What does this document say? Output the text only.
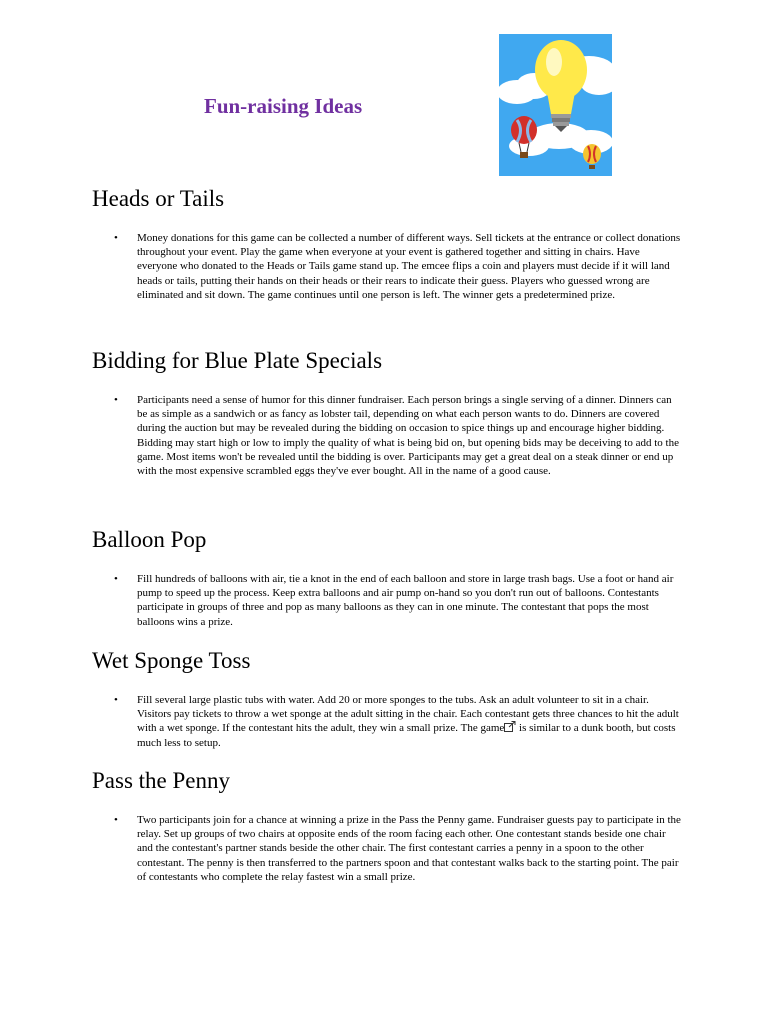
Fun-raising Ideas
Heads or Tails
• Money donations for this game can be collected a number of different ways. Sell tickets at the entrance or collect donations throughout your event. Play the game when everyone at your event is gathered together and sitting in chairs. Have everyone who donated to the Heads or Tails game stand up. The emcee flips a coin and players must decide if it will land heads or tails, putting their hands on their heads or their rears to indicate their guess. Players who guessed wrong are eliminated and sit down. The game continues until one person is left. The winner gets a predetermined prize.
Bidding for Blue Plate Specials
• Participants need a sense of humor for this dinner fundraiser. Each person brings a single serving of a dinner. Dinners can be as simple as a sandwich or as fancy as lobster tail, depending on what each person wants to do. Dinners are covered during the auction but may be revealed during the bidding on occasion to spice things up and encourage higher bidding. Bidding may start high or low to imply the quality of what is being bid on, but opening bids may be deceiving to add to the game. Most items won't be revealed until the bidding is over. Participants may get a great deal on a steak dinner or end up with the most expensive scrambled eggs they've ever bought. All in the name of a good cause.
Balloon Pop
• Fill hundreds of balloons with air, tie a knot in the end of each balloon and store in large trash bags. Use a foot or hand air pump to speed up the process. Keep extra balloons and air pump on-hand so you don't run out of balloons. Contestants participate in groups of three and pop as many balloons as they can in one minute. The contestant that pops the most balloons wins a prize.
Wet Sponge Toss
• Fill several large plastic tubs with water. Add 20 or more sponges to the tubs. Ask an adult volunteer to sit in a chair. Visitors pay tickets to throw a wet sponge at the adult sitting in the chair. Each contestant gets three chances to hit the adult with a wet sponge. If the contestant hits the adult, they win a small prize. The game is similar to a dunk booth, but costs much less to setup.
Pass the Penny
• Two participants join for a chance at winning a prize in the Pass the Penny game. Fundraiser guests pay to participate in the relay. Set up groups of two chairs at opposite ends of the room facing each other. One contestant stands beside one chair and the contestant's partner stands beside the other chair. The first contestant carries a penny in a spoon to the other contestant. The penny is then transferred to the partners spoon and that contestant walks back to the starting point. The pair of contestants who complete the relay fastest win a small prize.
